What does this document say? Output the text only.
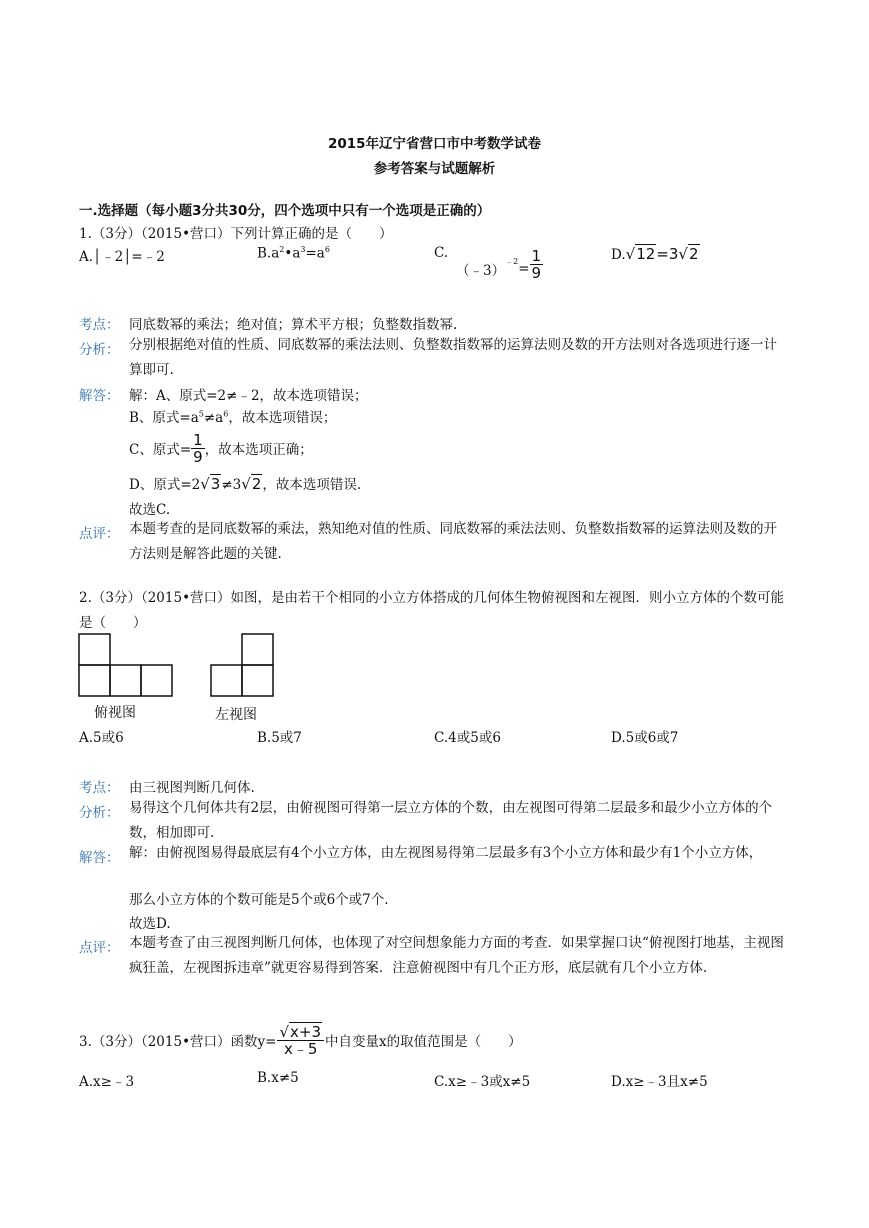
2015年辽宁省营口市中考数学试卷
参考答案与试题解析
一.选择题（每小题3分共30分，四个选项中只有一个选项是正确的）
1.（3分）（2015•营口）下列计算正确的是（　　）
A.│﹣2│=﹣2	$B.a^2•a^3=a^6$	C.
（﹣3）
$^{﹣2} = \frac{1}{9}$	D.√12=3√2
考点： 同底数幂的乘法；绝对值；算术平方根；负整数指数幂.
分析： 分别根据绝对值的性质、同底数幂的乘法法则、负整数指数幂的运算法则及数的开方法则对各选项进行逐一计算即可.
解答： 解：A、原式=2≠﹣2，故本选项错误；
B、原式$=a^5\ne a^6$，故本选项错误；
C、原式= $\frac{1}{9}$ ，故本选项正确；
D、原式=2√3≠3√2，故本选项错误.
故选C.
点评： 本题考查的是同底数幂的乘法，熟知绝对值的性质、同底数幂的乘法法则、负整数指数幂的运算法则及数的开方法则是解答此题的关键.
2.（3分）（2015•营口）如图，是由若干个相同的小立方体搭成的几何体生物俯视图和左视图．则小立方体的个数可能是（　　）
俯视图	左视图
A.5或6	B.5或7	C.4或5或6	D.5或6或7
考点： 由三视图判断几何体.
分析： 易得这个几何体共有2层，由俯视图可得第一层立方体的个数，由左视图可得第二层最多和最少小立方体的个数，相加即可.
解答： 解：由俯视图易得最底层有4个小立方体，由左视图易得第二层最多有3个小立方体和最少有1个小立方体，
那么小立方体的个数可能是5个或6个或7个.
故选D.
点评： 本题考查了由三视图判断几何体，也体现了对空间想象能力方面的考查．如果掌握口诀“俯视图打地基，主视图疯狂盖，左视图拆违章”就更容易得到答案．注意俯视图中有几个正方形，底层就有几个小立方体.
3.（3分）（2015•营口）函数$y= \frac{√x+3}{x﹣5}$ 中自变量x的取值范围是（　　）
A.x≥﹣3	B.x≠5	C.x≥﹣3或x≠5	D.x≥﹣3且x≠5
